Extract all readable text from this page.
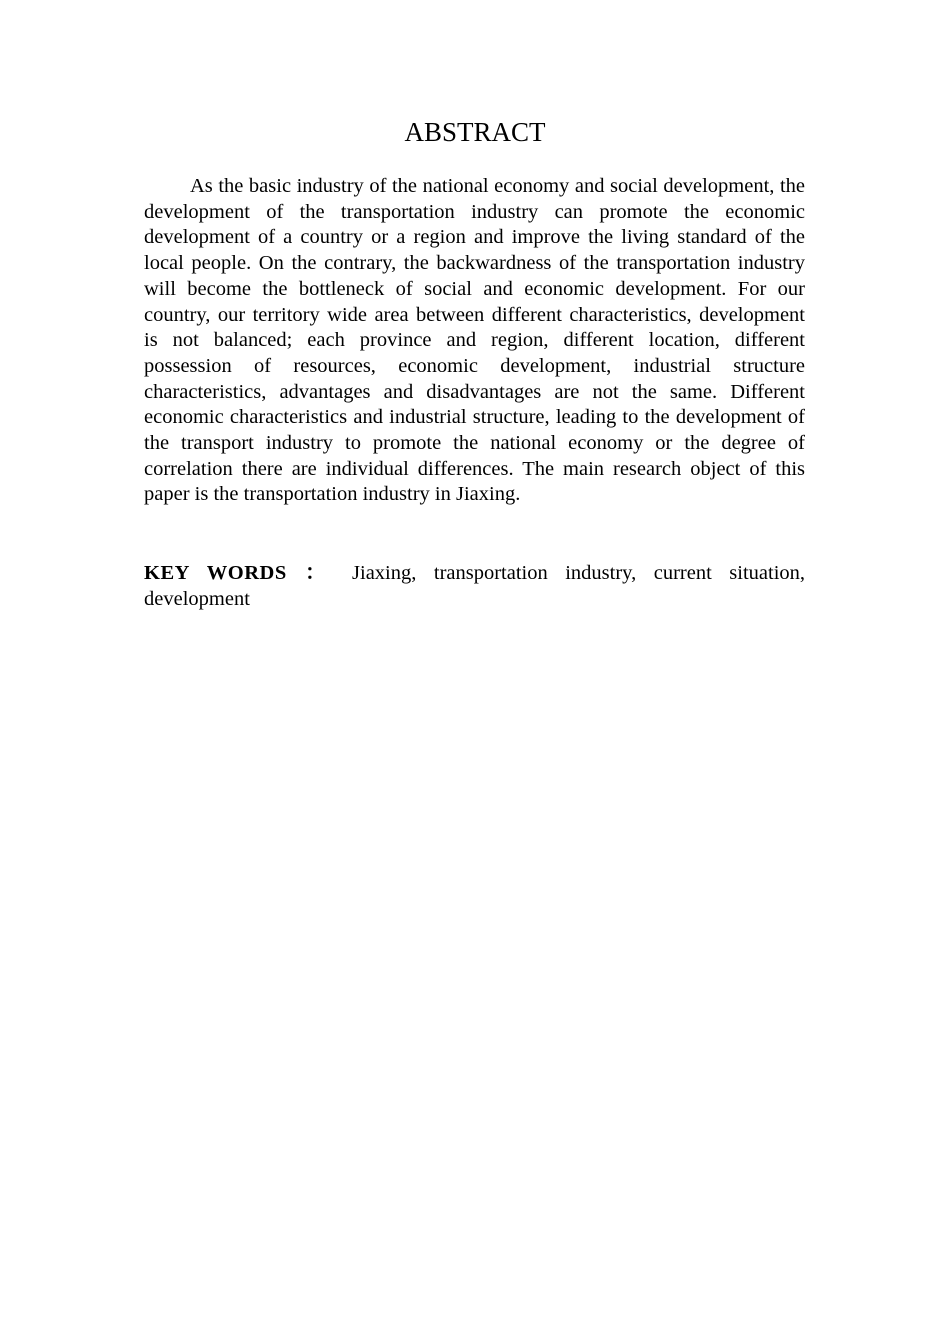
ABSTRACT

As the basic industry of the national economy and social development, the development of the transportation industry can promote the economic development of a country or a region and improve the living standard of the local people. On the contrary, the backwardness of the transportation industry will become the bottleneck of social and economic development. For our country, our territory wide area between different characteristics, development is not balanced; each province and region, different location, different possession of resources, economic development, industrial structure characteristics, advantages and disadvantages are not the same. Different economic characteristics and industrial structure, leading to the development of the transport industry to promote the national economy or the degree of correlation there are individual differences. The main research object of this paper is the transportation industry in Jiaxing.

KEY WORDS ： Jiaxing, transportation industry, current situation, development
